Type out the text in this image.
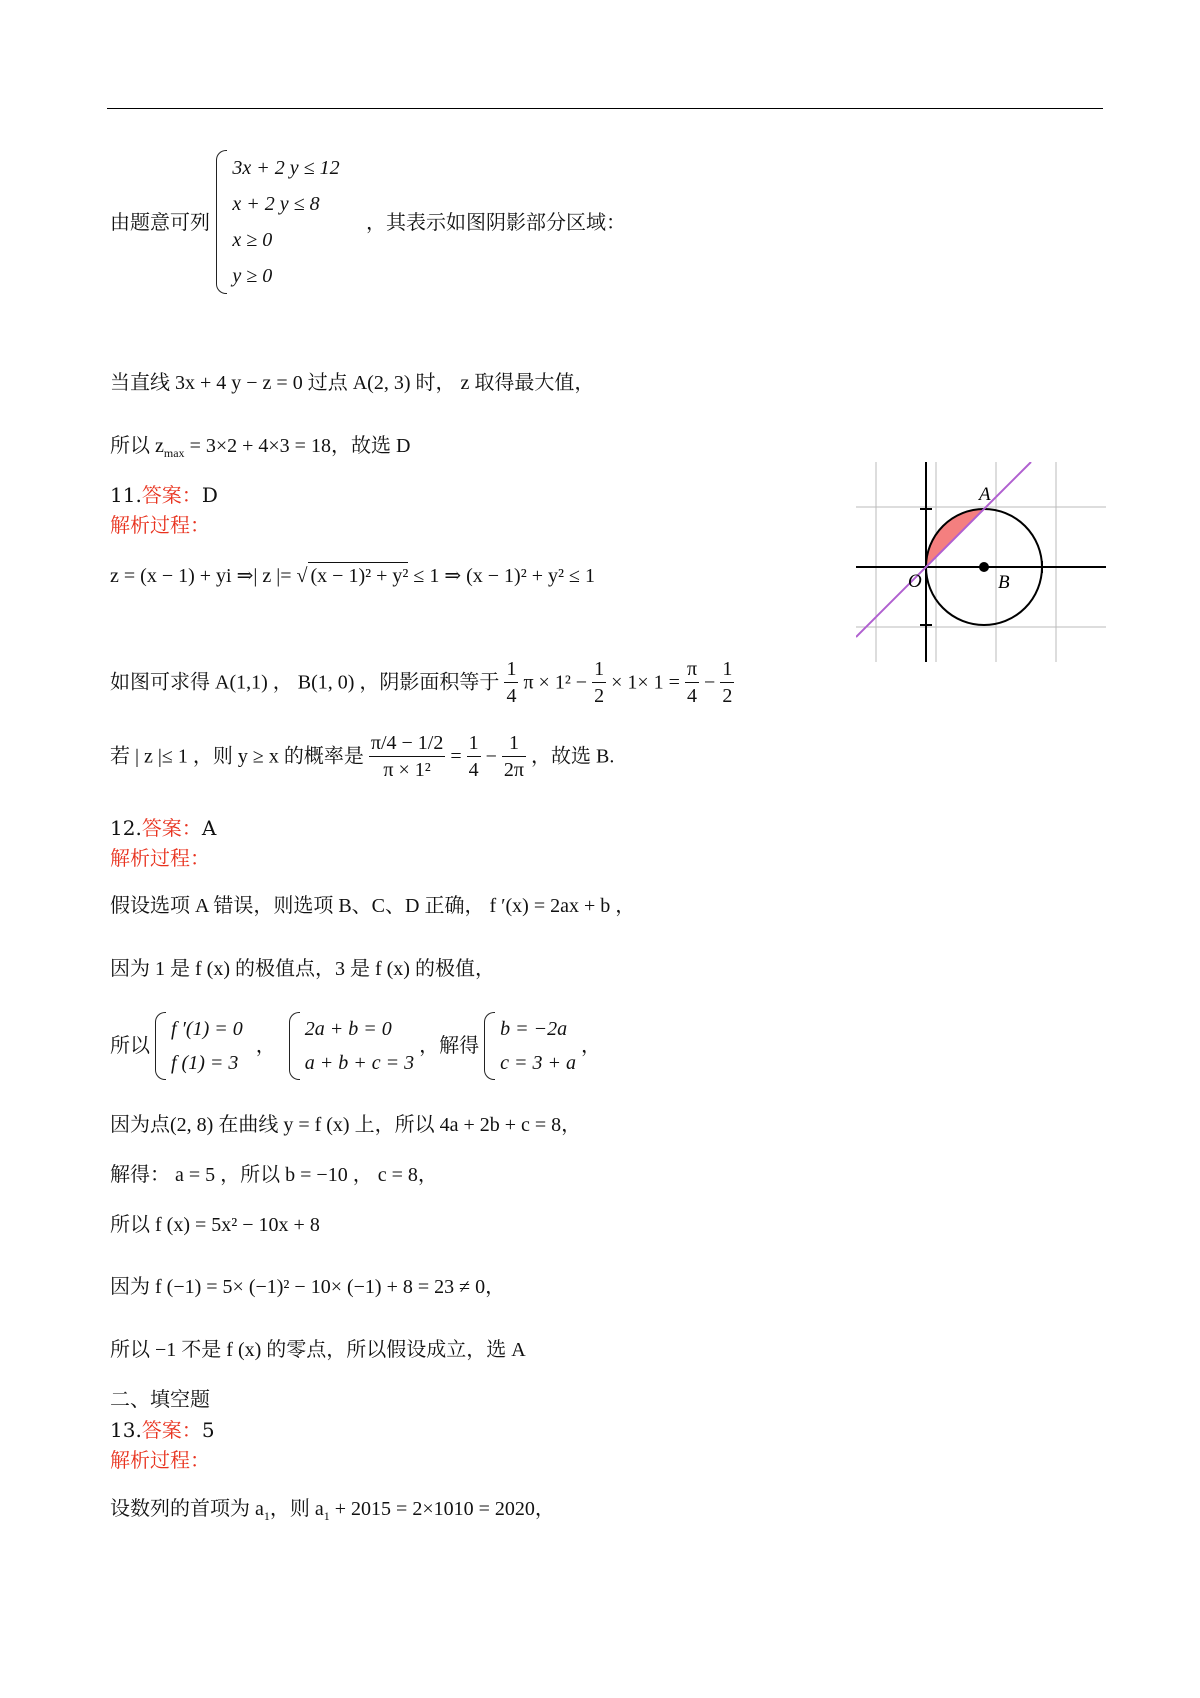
由题意可列
3x + 2 y ≤ 12
x + 2 y ≤ 8
x ≥ 0
y ≥ 0
，其表示如图阴影部分区域：
当直线 3x + 4 y − z = 0 过点 A(2, 3) 时， z 取得最大值，
所以 $z_{max} = 3\times 2 + 4\times 3 = 18$，故选 D
11.答案：D
解析过程：
z = (x − 1) + yi ⇒| z |= √ (x − 1)² + y² ≤ 1 ⇒ (x − 1)² + y² ≤ 1
如图可求得 A(1,1) ， B(1, 0) ，阴影面积等于 $\frac{1}{4}$ $\pi \times 1^2 - \frac{1}{2} \times 1\times 1 = \frac{\pi}{4} - \frac{1}{2}$
若 | z |≤ 1 ，则 y ≥ x 的概率是 $\frac{\pi/4 - 1/2}{\text{π × 1²}} = \frac{1}{4} - \frac{1}{2\pi}$ ，故选 B.
12.答案：A
解析过程：
假设选项 A 错误，则选项 B、C、D 正确， f ′(x) = 2ax + b ，
因为 1 是 f (x) 的极值点，3 是 f (x) 的极值，
所以
f ′(1) = 0
f (1) = 3
，
2a + b = 0
a + b + c = 3
，解得
b = −2a
c = 3 + a
，
因为点(2, 8) 在曲线 y = f (x) 上，所以 4a + 2b + c = 8，
解得： a = 5 ，所以 b = −10 ， c = 8，
所以 f (x) = 5x² − 10x + 8
因为 f (−1) = 5× (−1)² − 10× (−1) + 8 = 23 ≠ 0，
所以 −1 不是 f (x) 的零点，所以假设成立，选 A
二、填空题
13.答案：5
解析过程：
设数列的首项为 $a_1$，则 $a_1 + 2015 = 2\times 1010 = 2020$，
A
O	B
